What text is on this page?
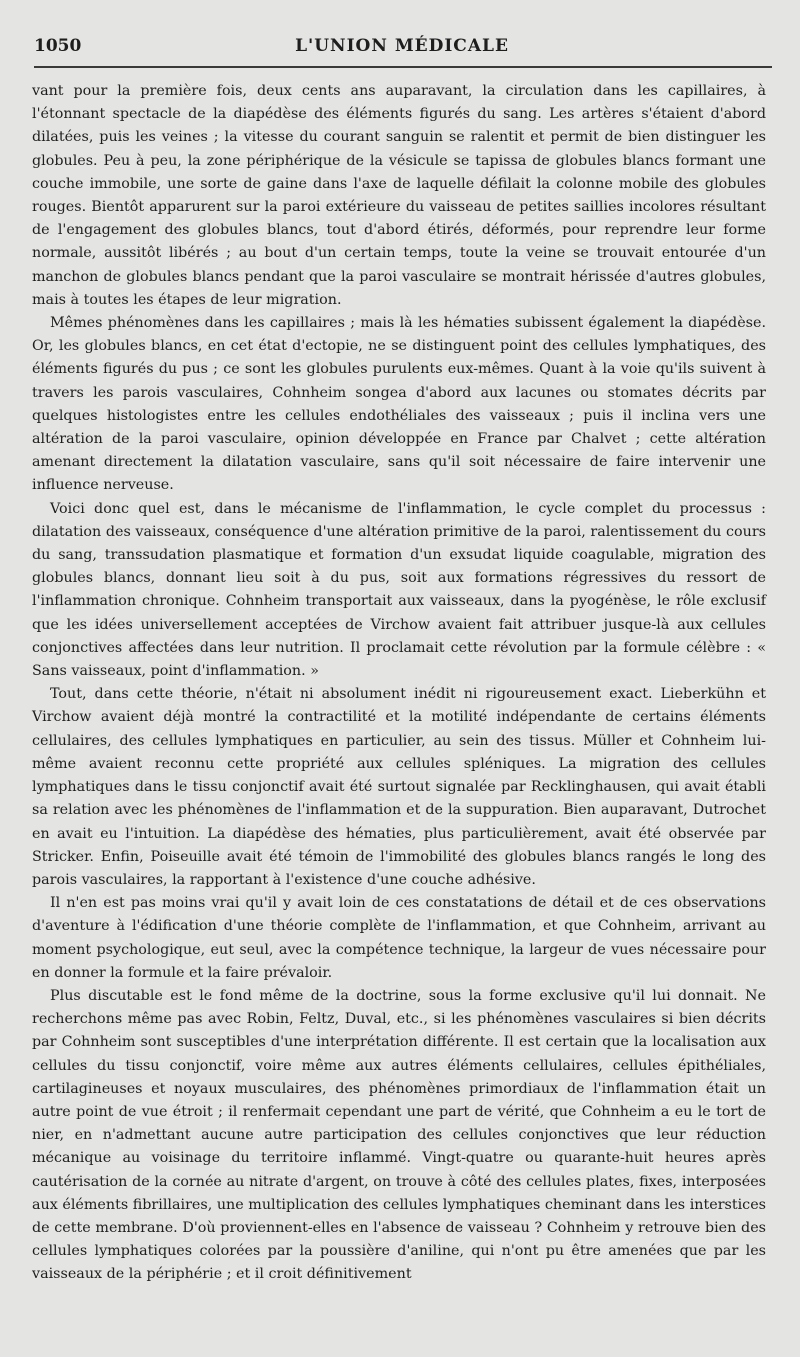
1050	L'UNION MÉDICALE

vant pour la première fois, deux cents ans auparavant, la circulation dans les capillaires, à l'étonnant spectacle de la diapédèse des éléments figurés du sang. Les artères s'étaient d'abord dilatées, puis les veines ; la vitesse du courant sanguin se ralentit et permit de bien distinguer les globules. Peu à peu, la zone périphérique de la vésicule se tapissa de globules blancs formant une couche immobile, une sorte de gaine dans l'axe de laquelle défilait la colonne mobile des globules rouges. Bientôt apparurent sur la paroi extérieure du vaisseau de petites saillies incolores résultant de l'engagement des globules blancs, tout d'abord étirés, déformés, pour reprendre leur forme normale, aussitôt libérés ; au bout d'un certain temps, toute la veine se trouvait entourée d'un manchon de globules blancs pendant que la paroi vasculaire se montrait hérissée d'autres globules, mais à toutes les étapes de leur migration.

Mêmes phénomènes dans les capillaires ; mais là les hématies subissent également la diapédèse. Or, les globules blancs, en cet état d'ectopie, ne se distinguent point des cellules lymphatiques, des éléments figurés du pus ; ce sont les globules purulents eux-mêmes. Quant à la voie qu'ils suivent à travers les parois vasculaires, Cohnheim songea d'abord aux lacunes ou stomates décrits par quelques histologistes entre les cellules endothéliales des vaisseaux ; puis il inclina vers une altération de la paroi vasculaire, opinion développée en France par Chalvet ; cette altération amenant directement la dilatation vasculaire, sans qu'il soit nécessaire de faire intervenir une influence nerveuse.

Voici donc quel est, dans le mécanisme de l'inflammation, le cycle complet du processus : dilatation des vaisseaux, conséquence d'une altération primitive de la paroi, ralentissement du cours du sang, transsudation plasmatique et formation d'un exsudat liquide coagulable, migration des globules blancs, donnant lieu soit à du pus, soit aux formations régressives du ressort de l'inflammation chronique. Cohnheim transportait aux vaisseaux, dans la pyogénèse, le rôle exclusif que les idées universellement acceptées de Virchow avaient fait attribuer jusque-là aux cellules conjonctives affectées dans leur nutrition. Il proclamait cette révolution par la formule célèbre : « Sans vaisseaux, point d'inflammation. »

Tout, dans cette théorie, n'était ni absolument inédit ni rigoureusement exact. Lieberkühn et Virchow avaient déjà montré la contractilité et la motilité indépendante de certains éléments cellulaires, des cellules lymphatiques en particulier, au sein des tissus. Müller et Cohnheim lui-même avaient reconnu cette propriété aux cellules spléniques. La migration des cellules lymphatiques dans le tissu conjonctif avait été surtout signalée par Recklinghausen, qui avait établi sa relation avec les phénomènes de l'inflammation et de la suppuration. Bien auparavant, Dutrochet en avait eu l'intuition. La diapédèse des hématies, plus particulièrement, avait été observée par Stricker. Enfin, Poiseuille avait été témoin de l'immobilité des globules blancs rangés le long des parois vasculaires, la rapportant à l'existence d'une couche adhésive.

Il n'en est pas moins vrai qu'il y avait loin de ces constatations de détail et de ces observations d'aventure à l'édification d'une théorie complète de l'inflammation, et que Cohnheim, arrivant au moment psychologique, eut seul, avec la compétence technique, la largeur de vues nécessaire pour en donner la formule et la faire prévaloir.

Plus discutable est le fond même de la doctrine, sous la forme exclusive qu'il lui donnait. Ne recherchons même pas avec Robin, Feltz, Duval, etc., si les phénomènes vasculaires si bien décrits par Cohnheim sont susceptibles d'une interprétation différente. Il est certain que la localisation aux cellules du tissu conjonctif, voire même aux autres éléments cellulaires, cellules épithéliales, cartilagineuses et noyaux musculaires, des phénomènes primordiaux de l'inflammation était un autre point de vue étroit ; il renfermait cependant une part de vérité, que Cohnheim a eu le tort de nier, en n'admettant aucune autre participation des cellules conjonctives que leur réduction mécanique au voisinage du territoire inflammé. Vingt-quatre ou quarante-huit heures après cautérisation de la cornée au nitrate d'argent, on trouve à côté des cellules plates, fixes, interposées aux éléments fibrillaires, une multiplication des cellules lymphatiques cheminant dans les interstices de cette membrane. D'où proviennent-elles en l'absence de vaisseau ? Cohnheim y retrouve bien des cellules lymphatiques colorées par la poussière d'aniline, qui n'ont pu être amenées que par les vaisseaux de la périphérie ; et il croit définitivement
